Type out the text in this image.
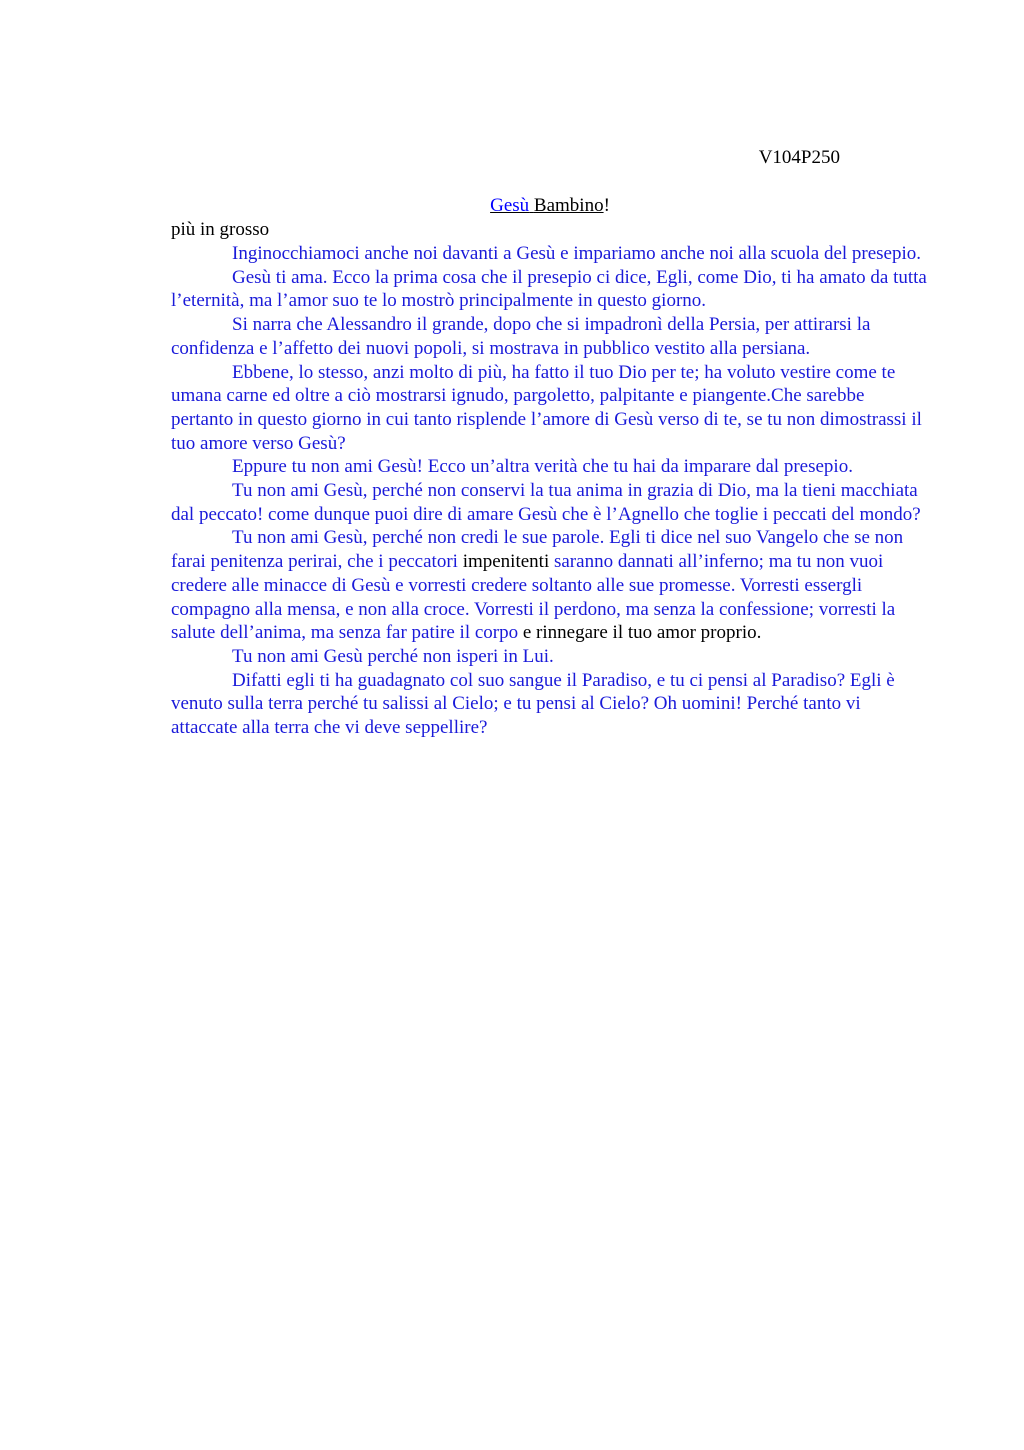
V104P250
Gesù Bambino!
più in grosso

Inginocchiamoci anche noi davanti a Gesù e impariamo anche noi alla scuola del presepio.

Gesù ti ama. Ecco la prima cosa che il presepio ci dice, Egli, come Dio, ti ha amato da tutta l’eternità, ma l’amor suo te lo mostrò principalmente in questo giorno.

Si narra che Alessandro il grande, dopo che si impadronì della Persia, per attirarsi la confidenza e l’affetto dei nuovi popoli, si mostrava in pubblico vestito alla persiana.

Ebbene, lo stesso, anzi molto di più, ha fatto il tuo Dio per te; ha voluto vestire come te umana carne ed oltre a ciò mostrarsi ignudo, pargoletto, palpitante e piangente.Che sarebbe pertanto in questo giorno in cui tanto risplende l’amore di Gesù verso di te, se tu non dimostrassi il tuo amore verso Gesù?

Eppure tu non ami Gesù! Ecco un’altra verità che tu hai da imparare dal presepio.

Tu non ami Gesù, perché non conservi la tua anima in grazia di Dio, ma la tieni macchiata dal peccato! come dunque puoi dire di amare Gesù che è l’Agnello che toglie i peccati del mondo?

Tu non ami Gesù, perché non credi le sue parole. Egli ti dice nel suo Vangelo che se non farai penitenza perirai, che i peccatori impenitenti saranno dannati all’inferno; ma tu non vuoi credere alle minacce di Gesù e vorresti credere soltanto alle sue promesse. Vorresti essergli compagno alla mensa, e non alla croce. Vorresti il perdono, ma senza la confessione; vorresti la salute dell’anima, ma senza far patire il corpo e rinnegare il tuo amor proprio.

Tu non ami Gesù perché non isperi in Lui.

Difatti egli ti ha guadagnato col suo sangue il Paradiso, e tu ci pensi al Paradiso? Egli è venuto sulla terra perché tu salissi al Cielo; e tu pensi al Cielo? Oh uomini! Perché tanto vi attaccate alla terra che vi deve seppellire?
